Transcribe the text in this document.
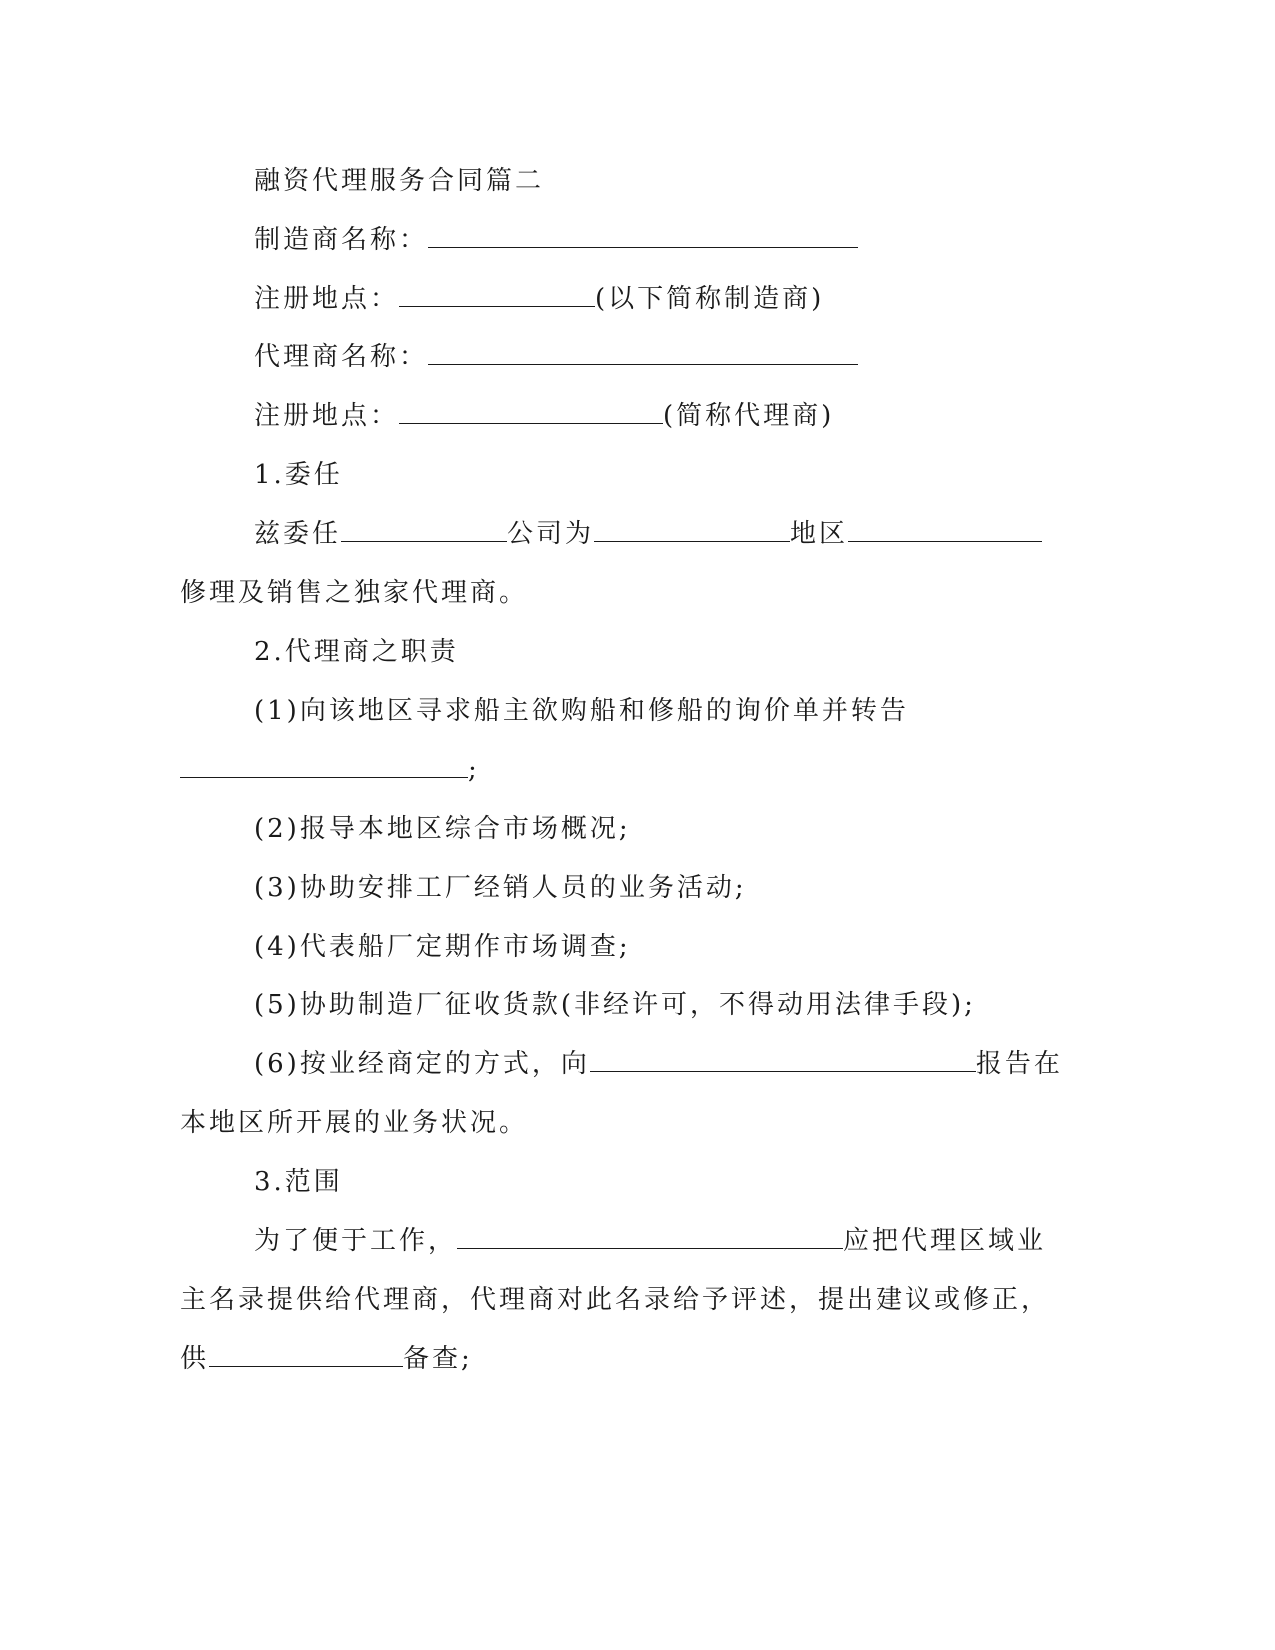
融资代理服务合同篇二
制造商名称：
注册地点：	(以下简称制造商)
代理商名称：
注册地点：	(简称代理商)
1.委任
兹委任	公司为	地区
修理及销售之独家代理商。
2.代理商之职责
(1)向该地区寻求船主欲购船和修船的询价单并转告
;
(2)报导本地区综合市场概况;
(3)协助安排工厂经销人员的业务活动;
(4)代表船厂定期作市场调查;
(5)协助制造厂征收货款(非经许可，不得动用法律手段);
(6)按业经商定的方式，向	报告在
本地区所开展的业务状况。
3.范围
为了便于工作，	应把代理区域业
主名录提供给代理商，代理商对此名录给予评述，提出建议或修正，
供	备查;
